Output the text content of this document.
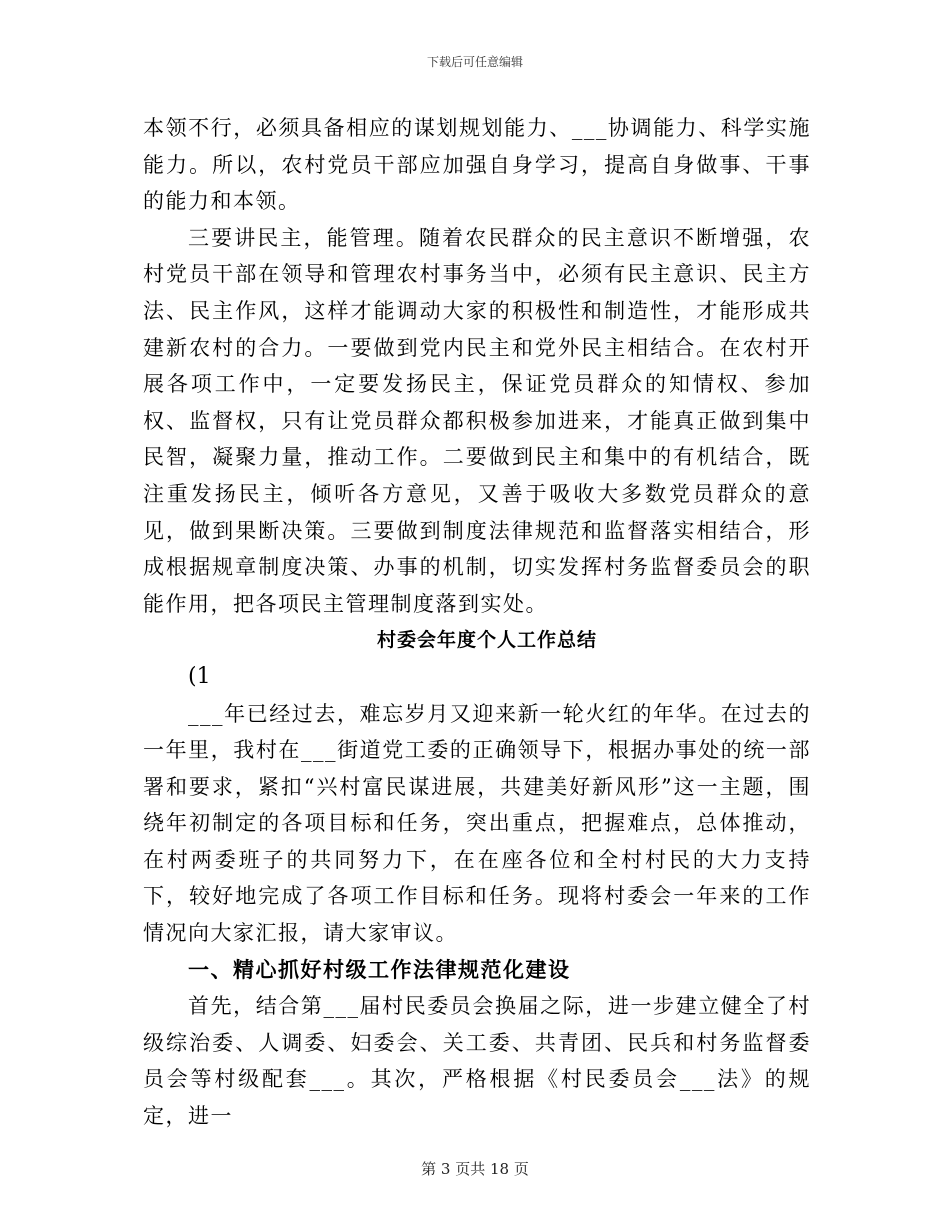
下载后可任意编辑

本领不行，必须具备相应的谋划规划能力、___协调能力、科学实施能力。所以，农村党员干部应加强自身学习，提高自身做事、干事的能力和本领。

三要讲民主，能管理。随着农民群众的民主意识不断增强，农村党员干部在领导和管理农村事务当中，必须有民主意识、民主方法、民主作风，这样才能调动大家的积极性和制造性，才能形成共建新农村的合力。一要做到党内民主和党外民主相结合。在农村开展各项工作中，一定要发扬民主，保证党员群众的知情权、参加权、监督权，只有让党员群众都积极参加进来，才能真正做到集中民智，凝聚力量，推动工作。二要做到民主和集中的有机结合，既注重发扬民主，倾听各方意见，又善于吸收大多数党员群众的意见，做到果断决策。三要做到制度法律规范和监督落实相结合，形成根据规章制度决策、办事的机制，切实发挥村务监督委员会的职能作用，把各项民主管理制度落到实处。

村委会年度个人工作总结

(1

___年已经过去，难忘岁月又迎来新一轮火红的年华。在过去的一年里，我村在___街道党工委的正确领导下，根据办事处的统一部署和要求，紧扣“兴村富民谋进展，共建美好新风形”这一主题，围绕年初制定的各项目标和任务，突出重点，把握难点，总体推动，在村两委班子的共同努力下，在在座各位和全村村民的大力支持下，较好地完成了各项工作目标和任务。现将村委会一年来的工作情况向大家汇报，请大家审议。

一、精心抓好村级工作法律规范化建设

首先，结合第___届村民委员会换届之际，进一步建立健全了村级综治委、人调委、妇委会、关工委、共青团、民兵和村务监督委员会等村级配套___。其次，严格根据《村民委员会___法》的规定，进一

第 3 页共 18 页
